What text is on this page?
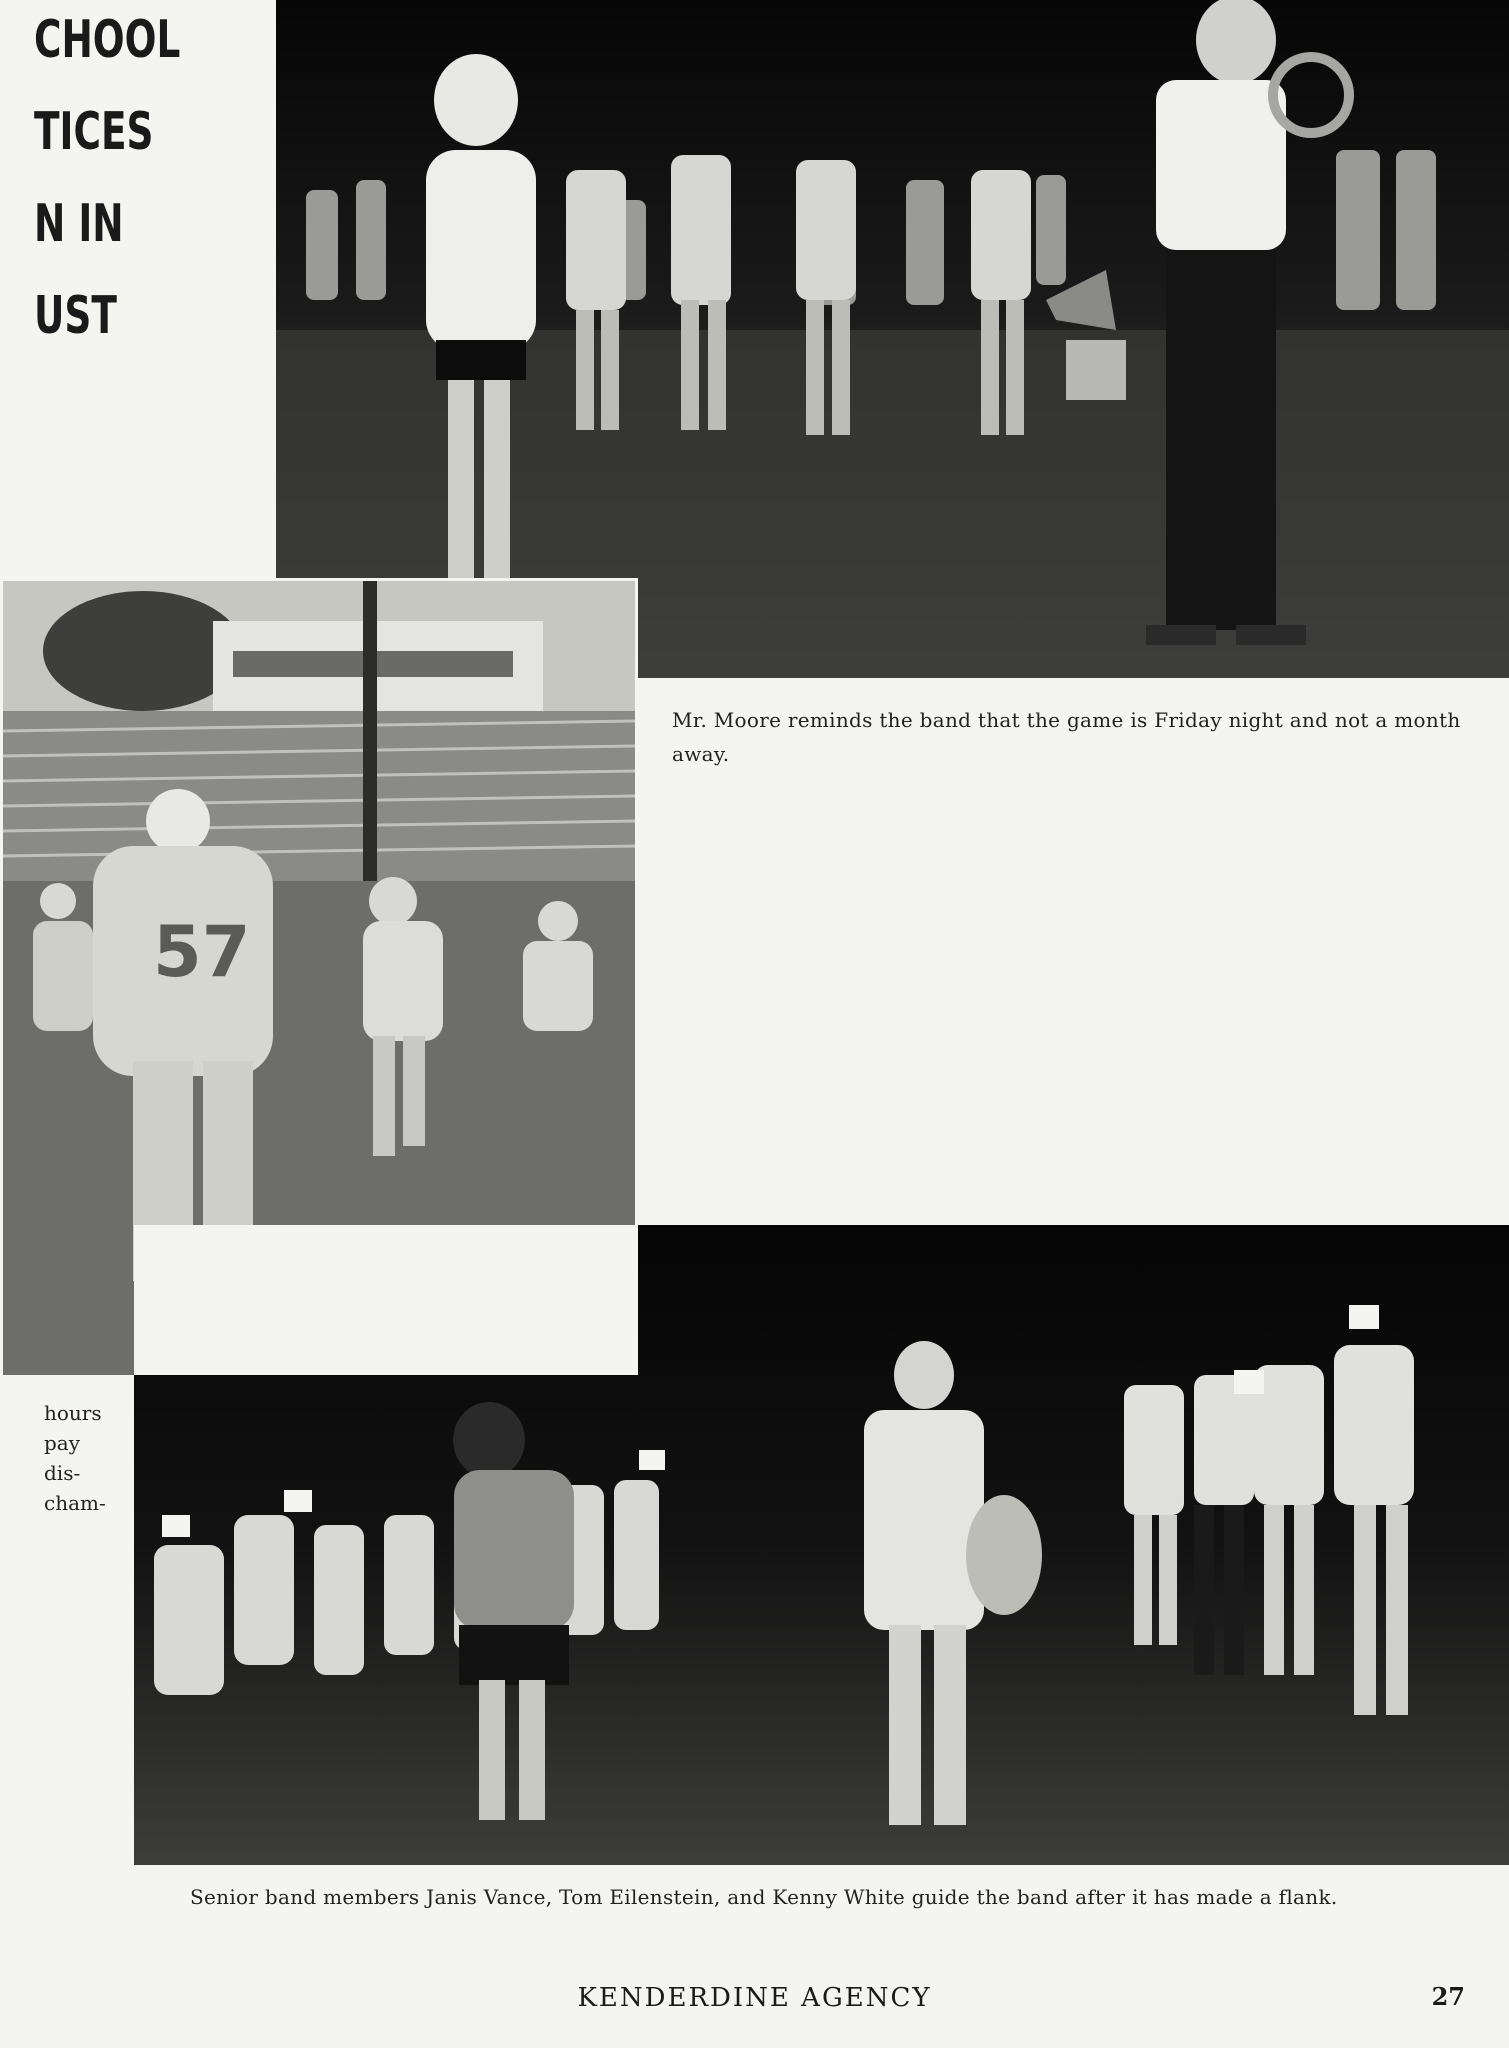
CHOOL
TICES
N IN
UST
57
hours
pay
dis-
cham-
Mr. Moore reminds the band that the game is Friday night and not a month away.
Senior band members Janis Vance, Tom Eilenstein, and Kenny White guide the band after it has made a flank.
KENDERDINE AGENCY	27
